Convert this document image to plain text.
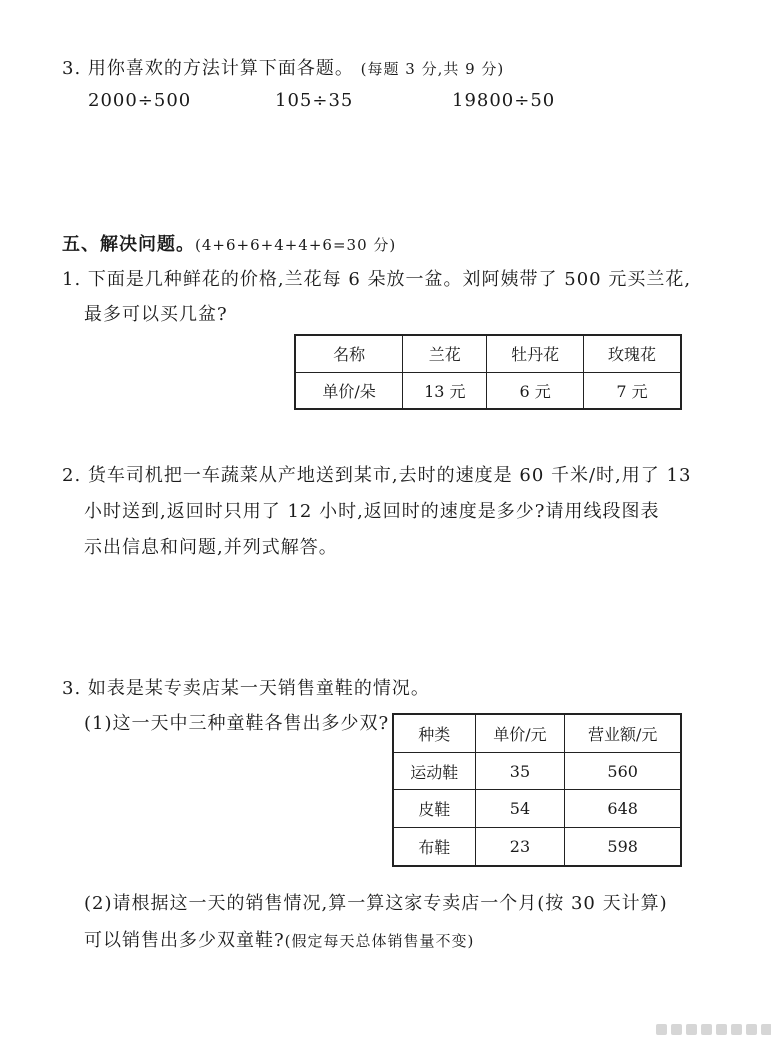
3. 用你喜欢的方法计算下面各题。 (每题 3 分,共 9 分)
2000÷500	105÷35	19800÷50
五、解决问题。(4+6+6+4+4+6=30 分)
1. 下面是几种鲜花的价格,兰花每 6 朵放一盆。刘阿姨带了 500 元买兰花,
最多可以买几盆?
名称	兰花	牡丹花	玫瑰花
单价/朵	13 元	6 元	7 元
2. 货车司机把一车蔬菜从产地送到某市,去时的速度是 60 千米/时,用了 13
小时送到,返回时只用了 12 小时,返回时的速度是多少?请用线段图表
示出信息和问题,并列式解答。
3. 如表是某专卖店某一天销售童鞋的情况。
(1)这一天中三种童鞋各售出多少双?
种类	单价/元	营业额/元
运动鞋	35	560
皮鞋	54	648
布鞋	23	598
(2)请根据这一天的销售情况,算一算这家专卖店一个月(按 30 天计算)
可以销售出多少双童鞋?(假定每天总体销售量不变)
